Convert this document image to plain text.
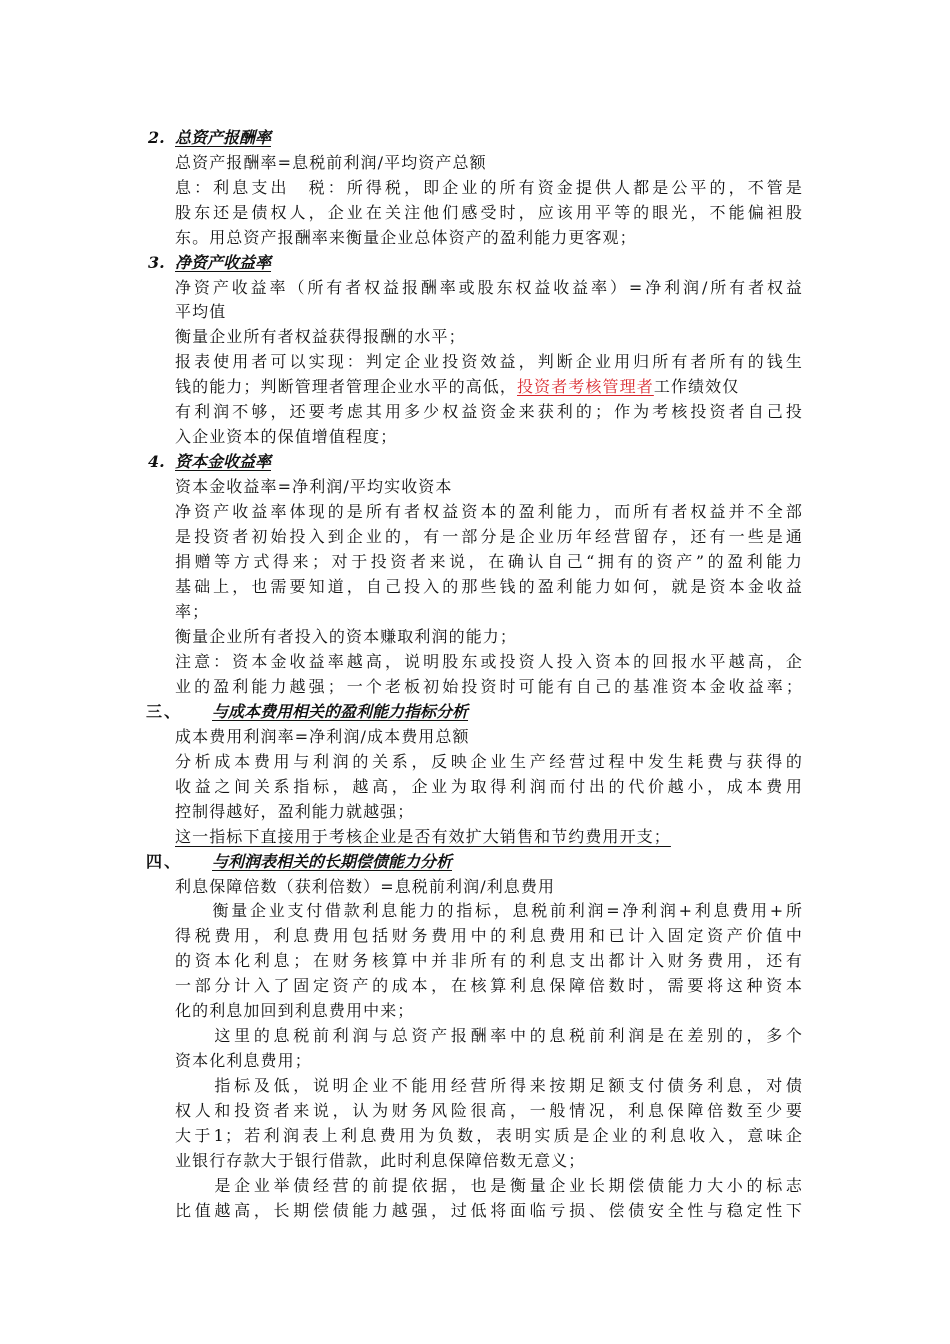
2. 总资产报酬率
总资产报酬率=息税前利润/平均资产总额
息：利息支出　税：所得税，即企业的所有资金提供人都是公平的，不管是
股东还是债权人，企业在关注他们感受时，应该用平等的眼光，不能偏袒股
东。用总资产报酬率来衡量企业总体资产的盈利能力更客观；
3. 净资产收益率
净资产收益率（所有者权益报酬率或股东权益收益率）=净利润/所有者权益
平均值
衡量企业所有者权益获得报酬的水平；
报表使用者可以实现：判定企业投资效益，判断企业用归所有者所有的钱生
钱的能力；判断管理者管理企业水平的高低，投资者考核管理者工作绩效仅
有利润不够，还要考虑其用多少权益资金来获利的；作为考核投资者自己投
入企业资本的保值增值程度；
4. 资本金收益率
资本金收益率=净利润/平均实收资本
净资产收益率体现的是所有者权益资本的盈利能力，而所有者权益并不全部
是投资者初始投入到企业的，有一部分是企业历年经营留存，还有一些是通
捐赠等方式得来；对于投资者来说，在确认自己“拥有的资产”的盈利能力
基础上，也需要知道，自己投入的那些钱的盈利能力如何，就是资本金收益
率；
衡量企业所有者投入的资本赚取利润的能力；
注意：资本金收益率越高，说明股东或投资人投入资本的回报水平越高，企
业的盈利能力越强；一个老板初始投资时可能有自己的基准资本金收益率；
三、 与成本费用相关的盈利能力指标分析
成本费用利润率=净利润/成本费用总额
分析成本费用与利润的关系，反映企业生产经营过程中发生耗费与获得的
收益之间关系指标，越高，企业为取得利润而付出的代价越小，成本费用
控制得越好，盈利能力就越强；
这一指标下直接用于考核企业是否有效扩大销售和节约费用开支；
四、 与利润表相关的长期偿债能力分析
利息保障倍数（获利倍数）=息税前利润/利息费用
　　衡量企业支付借款利息能力的指标，息税前利润=净利润+利息费用+所
得税费用，利息费用包括财务费用中的利息费用和已计入固定资产价值中
的资本化利息；在财务核算中并非所有的利息支出都计入财务费用，还有
一部分计入了固定资产的成本，在核算利息保障倍数时，需要将这种资本
化的利息加回到利息费用中来；
　　这里的息税前利润与总资产报酬率中的息税前利润是在差别的，多个
资本化利息费用；
　　指标及低，说明企业不能用经营所得来按期足额支付债务利息，对债
权人和投资者来说，认为财务风险很高，一般情况，利息保障倍数至少要
大于1；若利润表上利息费用为负数，表明实质是企业的利息收入，意味企
业银行存款大于银行借款，此时利息保障倍数无意义；
　　是企业举债经营的前提依据，也是衡量企业长期偿债能力大小的标志
比值越高，长期偿债能力越强，过低将面临亏损、偿债安全性与稳定性下
